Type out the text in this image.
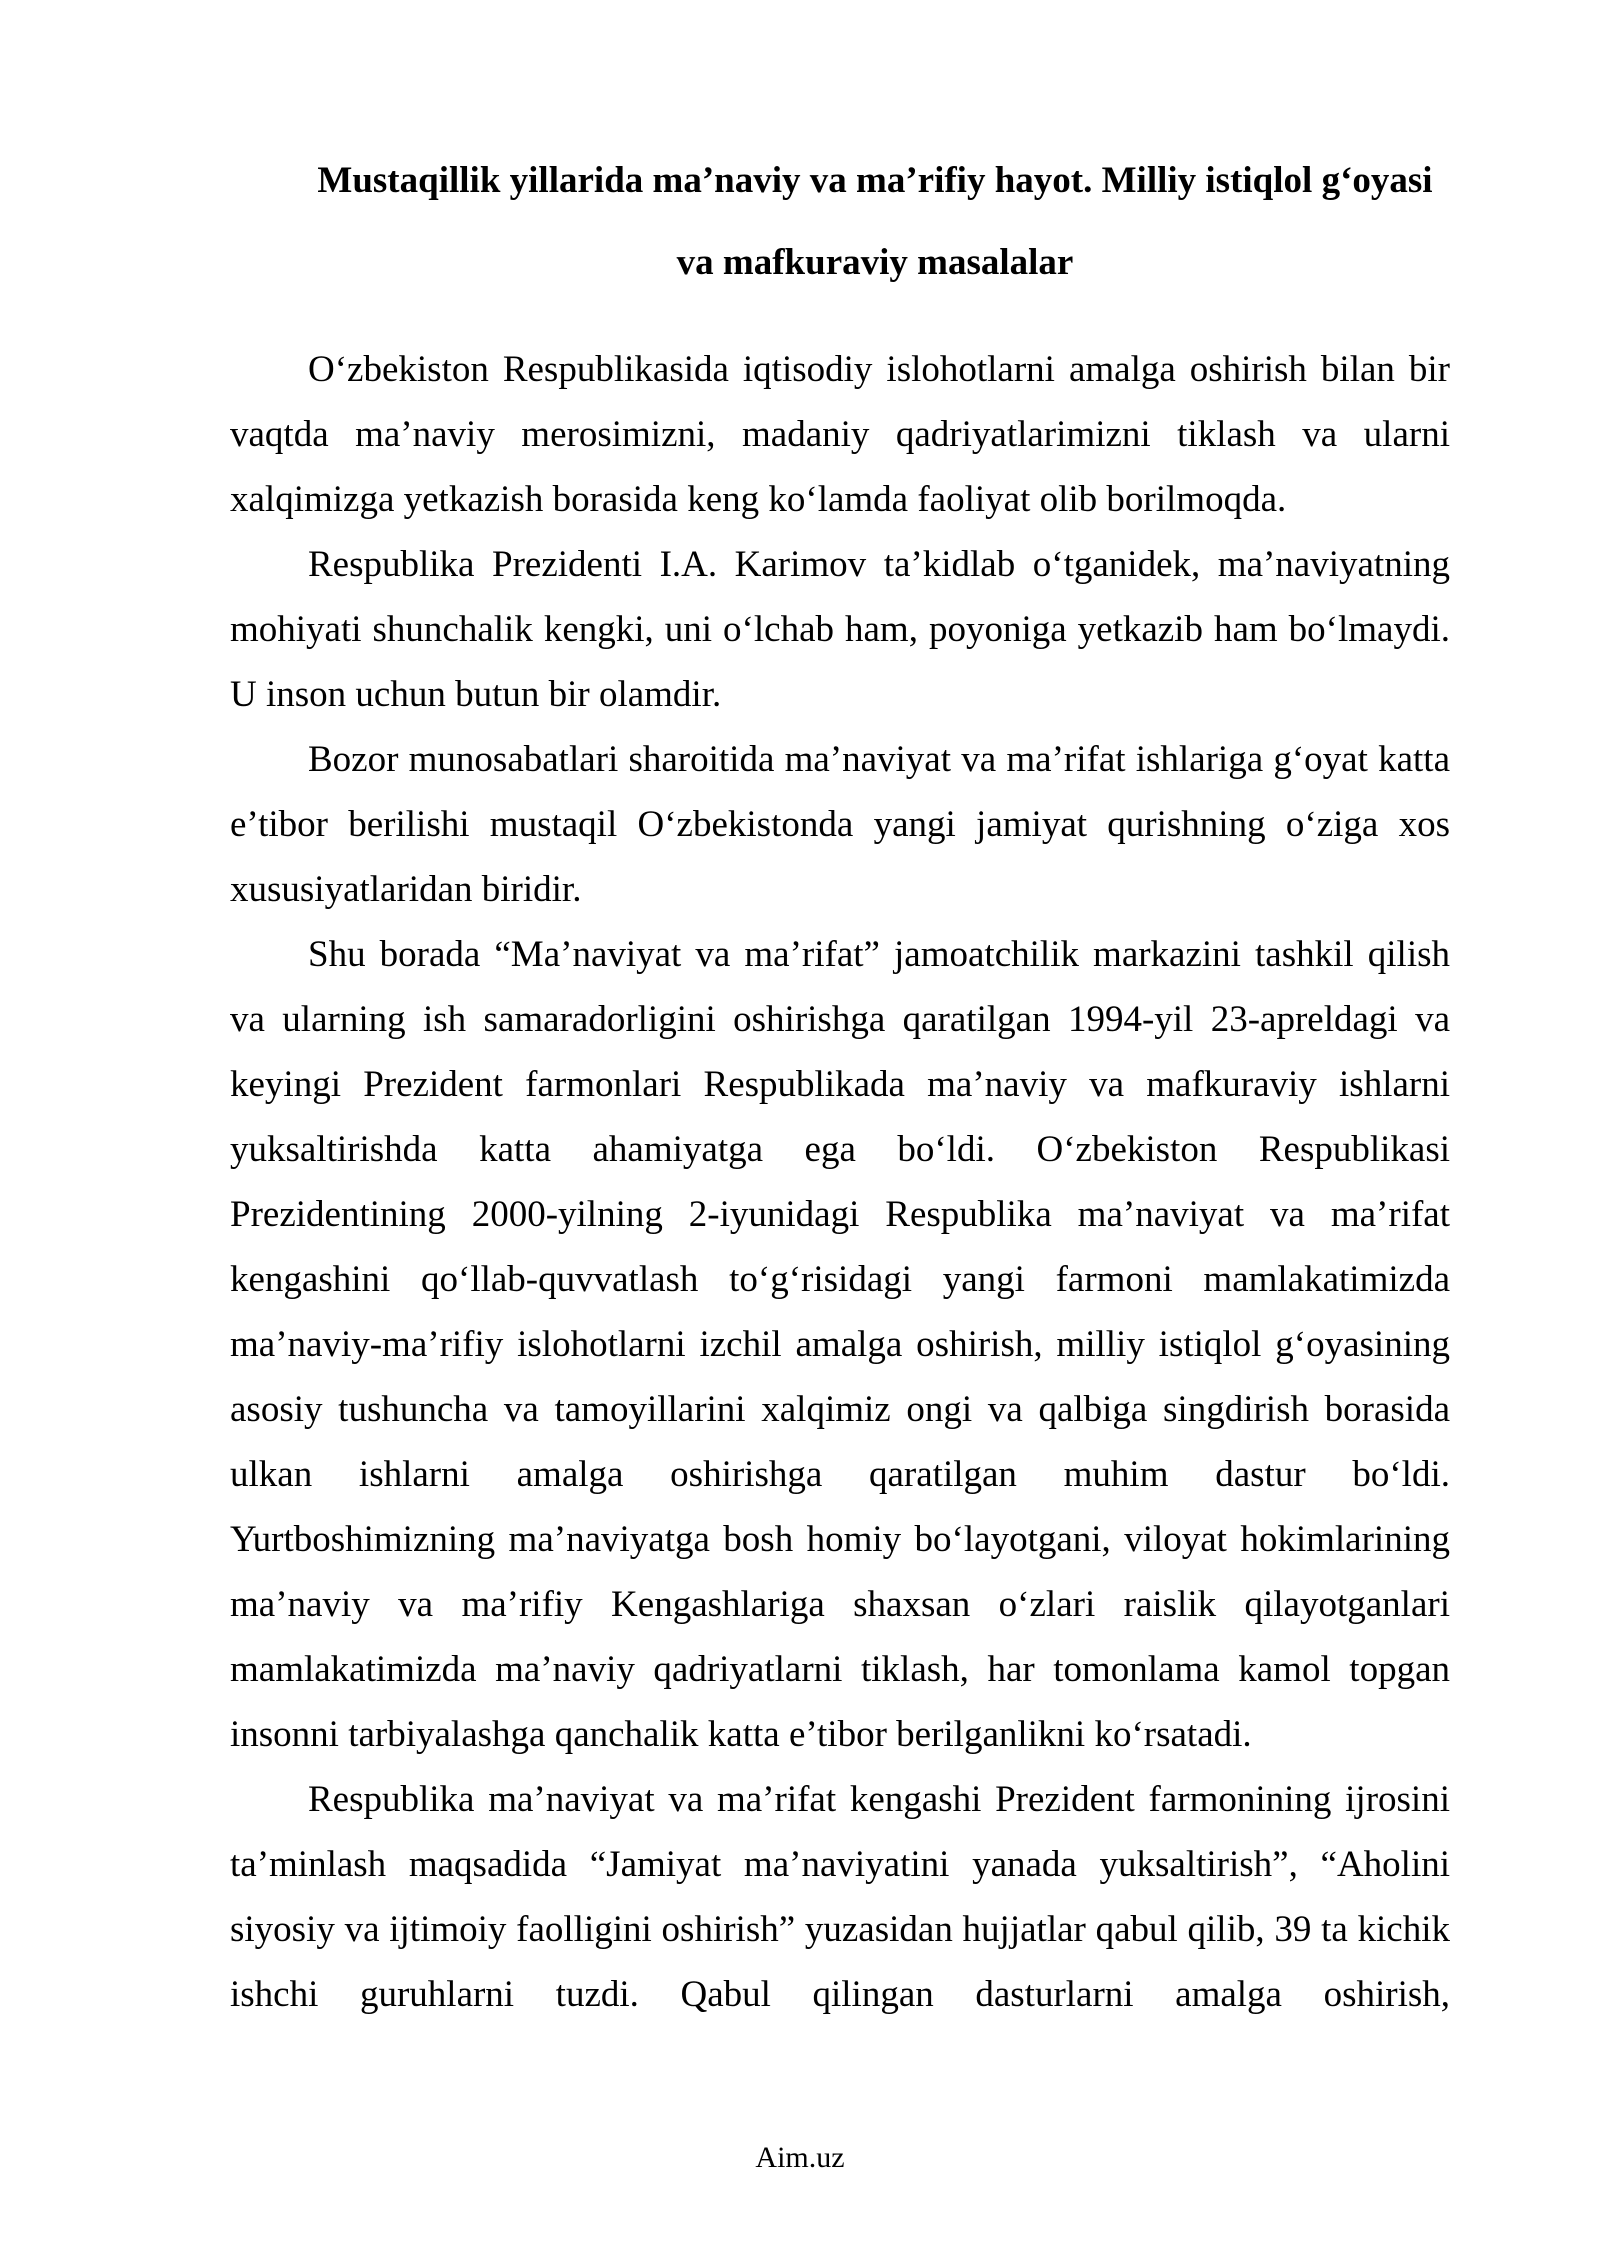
Mustaqillik yillarida ma’naviy va ma’rifiy hayot. Milliy istiqlol g‘oyasi va mafkuraviy masalalar

O‘zbekiston Respublikasida iqtisodiy islohotlarni amalga oshirish bilan bir vaqtda ma’naviy merosimizni, madaniy qadriyatlarimizni tiklash va ularni xalqimizga yetkazish borasida keng ko‘lamda faoliyat olib borilmoqda.

Respublika Prezidenti I.A. Karimov ta’kidlab o‘tganidek, ma’naviyatning mohiyati shunchalik kengki, uni o‘lchab ham, poyoniga yetkazib ham bo‘lmaydi. U inson uchun butun bir olamdir.

Bozor munosabatlari sharoitida ma’naviyat va ma’rifat ishlariga g‘oyat katta e’tibor berilishi mustaqil O‘zbekistonda yangi jamiyat qurishning o‘ziga xos xususiyatlaridan biridir.

Shu borada “Ma’naviyat va ma’rifat” jamoatchilik markazini tashkil qilish va ularning ish samaradorligini oshirishga qaratilgan 1994-yil 23-apreldagi va keyingi Prezident farmonlari Respublikada ma’naviy va mafkuraviy ishlarni yuksaltirishda katta ahamiyatga ega bo‘ldi. O‘zbekiston Respublikasi Prezidentining 2000-yilning 2-iyunidagi Respublika ma’naviyat va ma’rifat kengashini qo‘llab-quvvatlash to‘g‘risidagi yangi farmoni mamlakatimizda ma’naviy-ma’rifiy islohotlarni izchil amalga oshirish, milliy istiqlol g‘oyasining asosiy tushuncha va tamoyillarini xalqimiz ongi va qalbiga singdirish borasida ulkan ishlarni amalga oshirishga qaratilgan muhim dastur bo‘ldi. Yurtboshimizning ma’naviyatga bosh homiy bo‘layotgani, viloyat hokimlarining ma’naviy va ma’rifiy Kengashlariga shaxsan o‘zlari raislik qilayotganlari mamlakatimizda ma’naviy qadriyatlarni tiklash, har tomonlama kamol topgan insonni tarbiyalashga qanchalik katta e’tibor berilganlikni ko‘rsatadi.

Respublika ma’naviyat va ma’rifat kengashi Prezident farmonining ijrosini ta’minlash maqsadida “Jamiyat ma’naviyatini yanada yuksaltirish”, “Aholini siyosiy va ijtimoiy faolligini oshirish” yuzasidan hujjatlar qabul qilib, 39 ta kichik ishchi guruhlarni tuzdi. Qabul qilingan dasturlarni amalga oshirish,

Aim.uz
